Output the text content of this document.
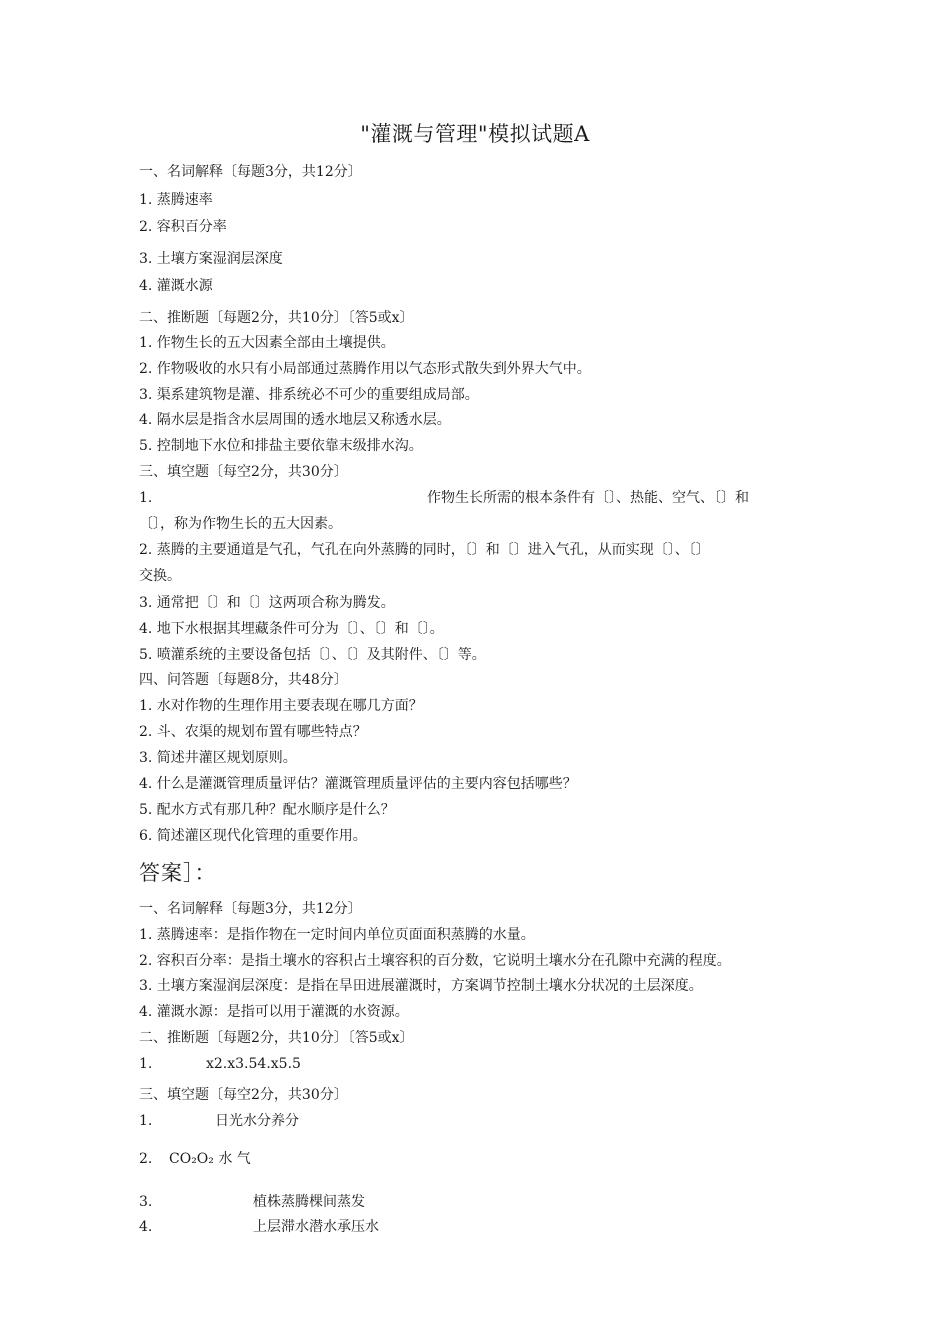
"灌溉与管理"模拟试题A
一、名词解释〔每题3分，共12分〕
1. 蒸腾速率
2. 容积百分率
3. 土壤方案湿润层深度
4. 灌溉水源
二、推断题〔每题2分，共10分〕〔答5或x〕
1. 作物生长的五大因素全部由土壤提供。
2. 作物吸收的水只有小局部通过蒸腾作用以气态形式散失到外界大气中。
3. 渠系建筑物是灌、排系统必不可少的重要组成局部。
4. 隔水层是指含水层周围的透水地层又称透水层。
5. 控制地下水位和排盐主要依靠末级排水沟。
三、填空题〔每空2分，共30分〕
1.	作物生长所需的根本条件有〔〕、热能、空气、〔〕和
〔〕，称为作物生长的五大因素。
2. 蒸腾的主要通道是气孔，气孔在向外蒸腾的同时，〔〕和〔〕进入气孔，从而实现〔〕、〔〕
交换。
3. 通常把〔〕和〔〕这两项合称为腾发。
4. 地下水根据其埋藏条件可分为〔〕、〔〕和〔〕。
5. 喷灌系统的主要设备包括〔〕、〔〕及其附件、〔〕等。
四、问答题〔每题8分，共48分〕
1. 水对作物的生理作用主要表现在哪几方面？
2. 斗、农渠的规划布置有哪些特点？
3. 简述井灌区规划原则。
4. 什么是灌溉管理质量评估？灌溉管理质量评估的主要内容包括哪些？
5. 配水方式有那几种？配水顺序是什么？
6. 简述灌区现代化管理的重要作用。
答案］：
一、名词解释〔每题3分，共12分〕
1. 蒸腾速率：是指作物在一定时间内单位页面面积蒸腾的水量。
2. 容积百分率：是指土壤水的容积占土壤容积的百分数，它说明土壤水分在孔隙中充满的程度。
3. 土壤方案湿润层深度：是指在旱田进展灌溉时，方案调节控制土壤水分状况的土层深度。
4. 灌溉水源：是指可以用于灌溉的水资源。
二、推断题〔每题2分，共10分〕〔答5或x〕
1.	x2.x3.54.x5.5
三、填空题〔每空2分，共30分〕
1.	日光水分养分
2. CO₂O₂ 水 气
3.	植株蒸腾棵间蒸发
4.	上层滞水潜水承压水
